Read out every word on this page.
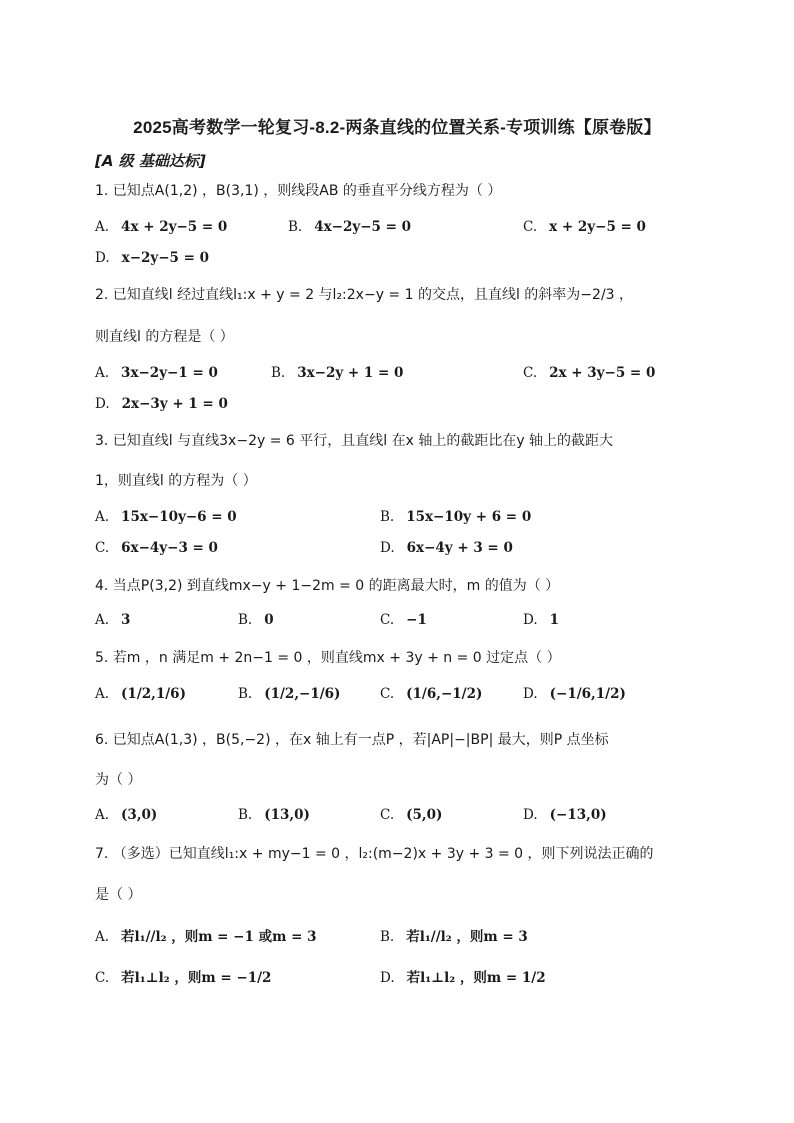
2025高考数学一轮复习-8.2-两条直线的位置关系-专项训练【原卷版】
[A 级 基础达标]
1. 已知点A(1,2) ，B(3,1) ，则线段AB 的垂直平分线方程为（ ）
A. 4x + 2y−5 = 0	B. 4x−2y−5 = 0	C. x + 2y−5 = 0
D. x−2y−5 = 0
2. 已知直线l 经过直线l₁:x + y = 2 与l₂:2x−y = 1 的交点，且直线l 的斜率为−2/3 ，
则直线l 的方程是（ ）
A. 3x−2y−1 = 0	B. 3x−2y + 1 = 0	C. 2x + 3y−5 = 0
D. 2x−3y + 1 = 0
3. 已知直线l 与直线3x−2y = 6 平行，且直线l 在x 轴上的截距比在y 轴上的截距大
1，则直线l 的方程为（ ）
A. 15x−10y−6 = 0	B. 15x−10y + 6 = 0
C. 6x−4y−3 = 0	D. 6x−4y + 3 = 0
4. 当点P(3,2) 到直线mx−y + 1−2m = 0 的距离最大时，m 的值为（ ）
A. 3	B. 0	C. −1	D. 1
5. 若m ，n 满足m + 2n−1 = 0 ，则直线mx + 3y + n = 0 过定点（ ）
A. (1/2,1/6)	B. (1/2,−1/6)	C. (1/6,−1/2)	D. (−1/6,1/2)
6. 已知点A(1,3) ，B(5,−2) ，在x 轴上有一点P ，若|AP|−|BP| 最大，则P 点坐标
为（ ）
A. (3,0)	B. (13,0)	C. (5,0)	D. (−13,0)
7. （多选）已知直线l₁:x + my−1 = 0 ，l₂:(m−2)x + 3y + 3 = 0 ，则下列说法正确的
是（ ）
A. 若l₁//l₂ ，则m = −1 或m = 3	B. 若l₁//l₂ ，则m = 3
C. 若l₁⊥l₂ ，则m = −1/2	D. 若l₁⊥l₂ ，则m = 1/2
